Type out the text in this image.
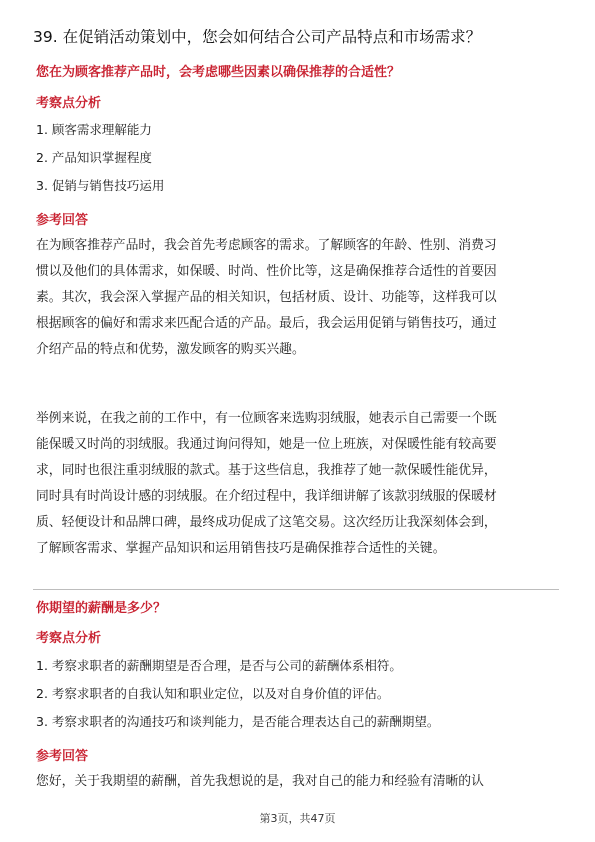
39. 在促销活动策划中，您会如何结合公司产品特点和市场需求？
您在为顾客推荐产品时，会考虑哪些因素以确保推荐的合适性？
考察点分析
1. 顾客需求理解能力
2. 产品知识掌握程度
3. 促销与销售技巧运用
参考回答
在为顾客推荐产品时，我会首先考虑顾客的需求。了解顾客的年龄、性别、消费习
惯以及他们的具体需求，如保暖、时尚、性价比等，这是确保推荐合适性的首要因
素。其次，我会深入掌握产品的相关知识，包括材质、设计、功能等，这样我可以
根据顾客的偏好和需求来匹配合适的产品。最后，我会运用促销与销售技巧，通过
介绍产品的特点和优势，激发顾客的购买兴趣。
举例来说，在我之前的工作中，有一位顾客来选购羽绒服，她表示自己需要一个既
能保暖又时尚的羽绒服。我通过询问得知，她是一位上班族，对保暖性能有较高要
求，同时也很注重羽绒服的款式。基于这些信息，我推荐了她一款保暖性能优异，
同时具有时尚设计感的羽绒服。在介绍过程中，我详细讲解了该款羽绒服的保暖材
质、轻便设计和品牌口碑，最终成功促成了这笔交易。这次经历让我深刻体会到，
了解顾客需求、掌握产品知识和运用销售技巧是确保推荐合适性的关键。
你期望的薪酬是多少？
考察点分析
1. 考察求职者的薪酬期望是否合理，是否与公司的薪酬体系相符。
2. 考察求职者的自我认知和职业定位，以及对自身价值的评估。
3. 考察求职者的沟通技巧和谈判能力，是否能合理表达自己的薪酬期望。
参考回答
您好，关于我期望的薪酬，首先我想说的是，我对自己的能力和经验有清晰的认
第3页，共47页
